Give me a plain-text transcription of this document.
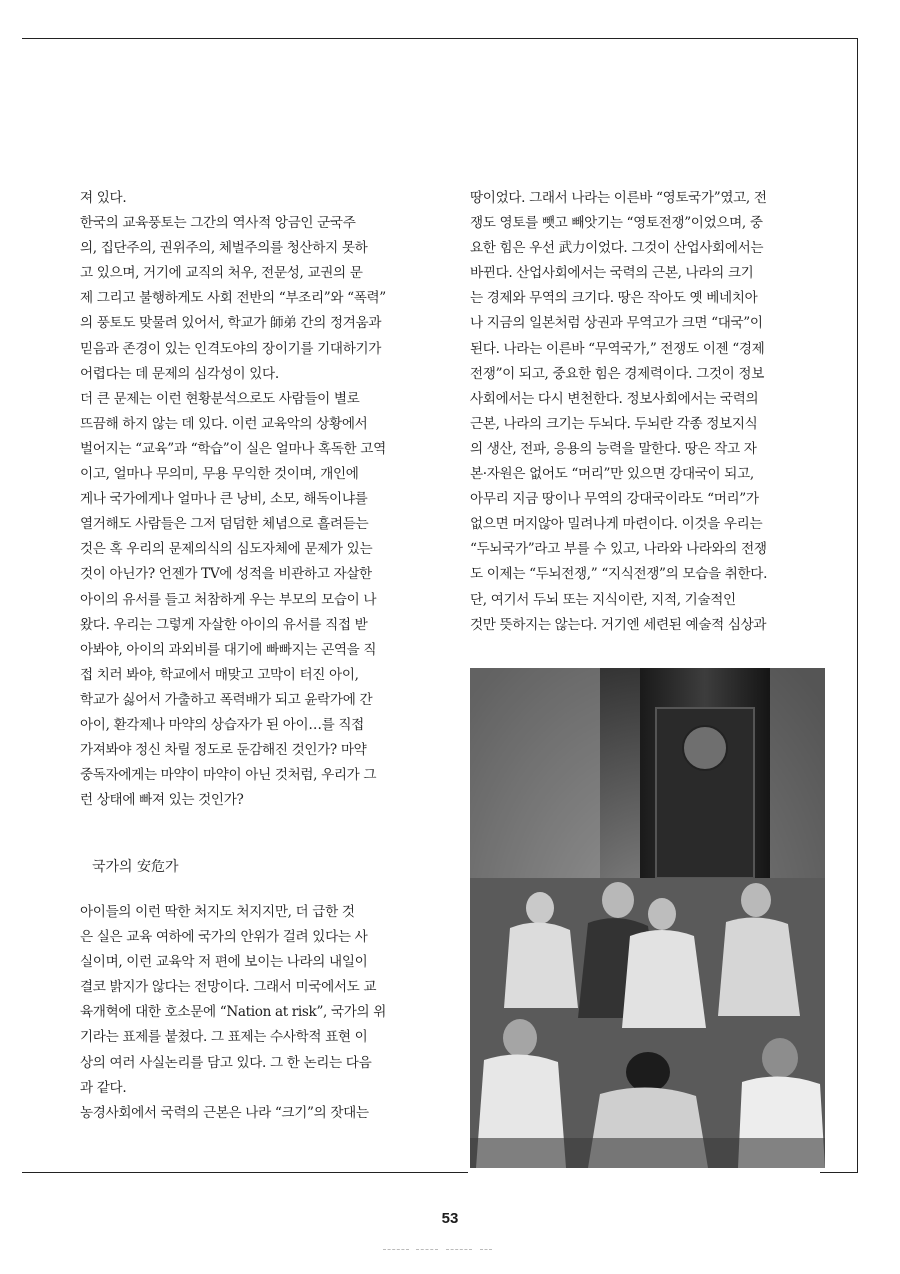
져 있다.
한국의 교육풍토는 그간의 역사적 앙금인 군국주
의, 집단주의, 권위주의, 체벌주의를 청산하지 못하
고 있으며, 거기에 교직의 처우, 전문성, 교권의 문
제 그리고 불행하게도 사회 전반의 “부조리”와 “폭력”
의 풍토도 맞물려 있어서, 학교가 師弟 간의 정겨움과
믿음과 존경이 있는 인격도야의 장이기를 기대하기가
어렵다는 데 문제의 심각성이 있다.
더 큰 문제는 이런 현황분석으로도 사람들이 별로
뜨끔해 하지 않는 데 있다. 이런 교육악의 상황에서
벌어지는 “교육”과 “학습”이 실은 얼마나 혹독한 고역
이고, 얼마나 무의미, 무용 무익한 것이며, 개인에
게나 국가에게나 얼마나 큰 낭비, 소모, 해독이냐를
열거해도 사람들은 그저 덤덤한 체념으로 흘려듣는
것은 혹 우리의 문제의식의 심도자체에 문제가 있는
것이 아닌가? 언젠가 TV에 성적을 비관하고 자살한
아이의 유서를 들고 처참하게 우는 부모의 모습이 나
왔다. 우리는 그렇게 자살한 아이의 유서를 직접 받
아봐야, 아이의 과외비를 대기에 빠빠지는 곤역을 직
접 치러 봐야, 학교에서 매맞고 고막이 터진 아이,
학교가 싫어서 가출하고 폭력배가 되고 윤락가에 간
아이, 환각제나 마약의 상습자가 된 아이…를 직접
가져봐야 정신 차릴 정도로 둔감해진 것인가? 마약
중독자에게는 마약이 마약이 아닌 것처럼, 우리가 그
런 상태에 빠져 있는 것인가?
국가의 安危가
아이들의 이런 딱한 처지도 처지지만, 더 급한 것
은 실은 교육 여하에 국가의 안위가 걸려 있다는 사
실이며, 이런 교육악 저 편에 보이는 나라의 내일이
결코 밝지가 않다는 전망이다. 그래서 미국에서도 교
육개혁에 대한 호소문에 “Nation at risk”, 국가의 위
기라는 표제를 붙쳤다. 그 표제는 수사학적 표현 이
상의 여러 사실논리를 담고 있다. 그 한 논리는 다음
과 같다.
농경사회에서 국력의 근본은 나라 “크기”의 잣대는
땅이었다. 그래서 나라는 이른바 “영토국가”였고, 전
쟁도 영토를 뺏고 빼앗기는 “영토전쟁”이었으며, 중
요한 힘은 우선 武力이었다. 그것이 산업사회에서는
바뀐다. 산업사회에서는 국력의 근본, 나라의 크기
는 경제와 무역의 크기다. 땅은 작아도 옛 베네치아
나 지금의 일본처럼 상권과 무역고가 크면 “대국”이
된다. 나라는 이른바 “무역국가,” 전쟁도 이젠 “경제
전쟁”이 되고, 중요한 힘은 경제력이다. 그것이 정보
사회에서는 다시 변천한다. 정보사회에서는 국력의
근본, 나라의 크기는 두뇌다. 두뇌란 각종 정보지식
의 생산, 전파, 응용의 능력을 말한다. 땅은 작고 자
본·자원은 없어도 “머리”만 있으면 강대국이 되고,
아무리 지금 땅이나 무역의 강대국이라도 “머리”가
없으면 머지않아 밀려나게 마련이다. 이것을 우리는
“두뇌국가”라고 부를 수 있고, 나라와 나라와의 전쟁
도 이제는 “두뇌전쟁,” “지식전쟁”의 모습을 취한다.
단, 여기서 두뇌 또는 지식이란, 지적, 기술적인
것만 뜻하지는 않는다. 거기엔 세련된 예술적 심상과
53
